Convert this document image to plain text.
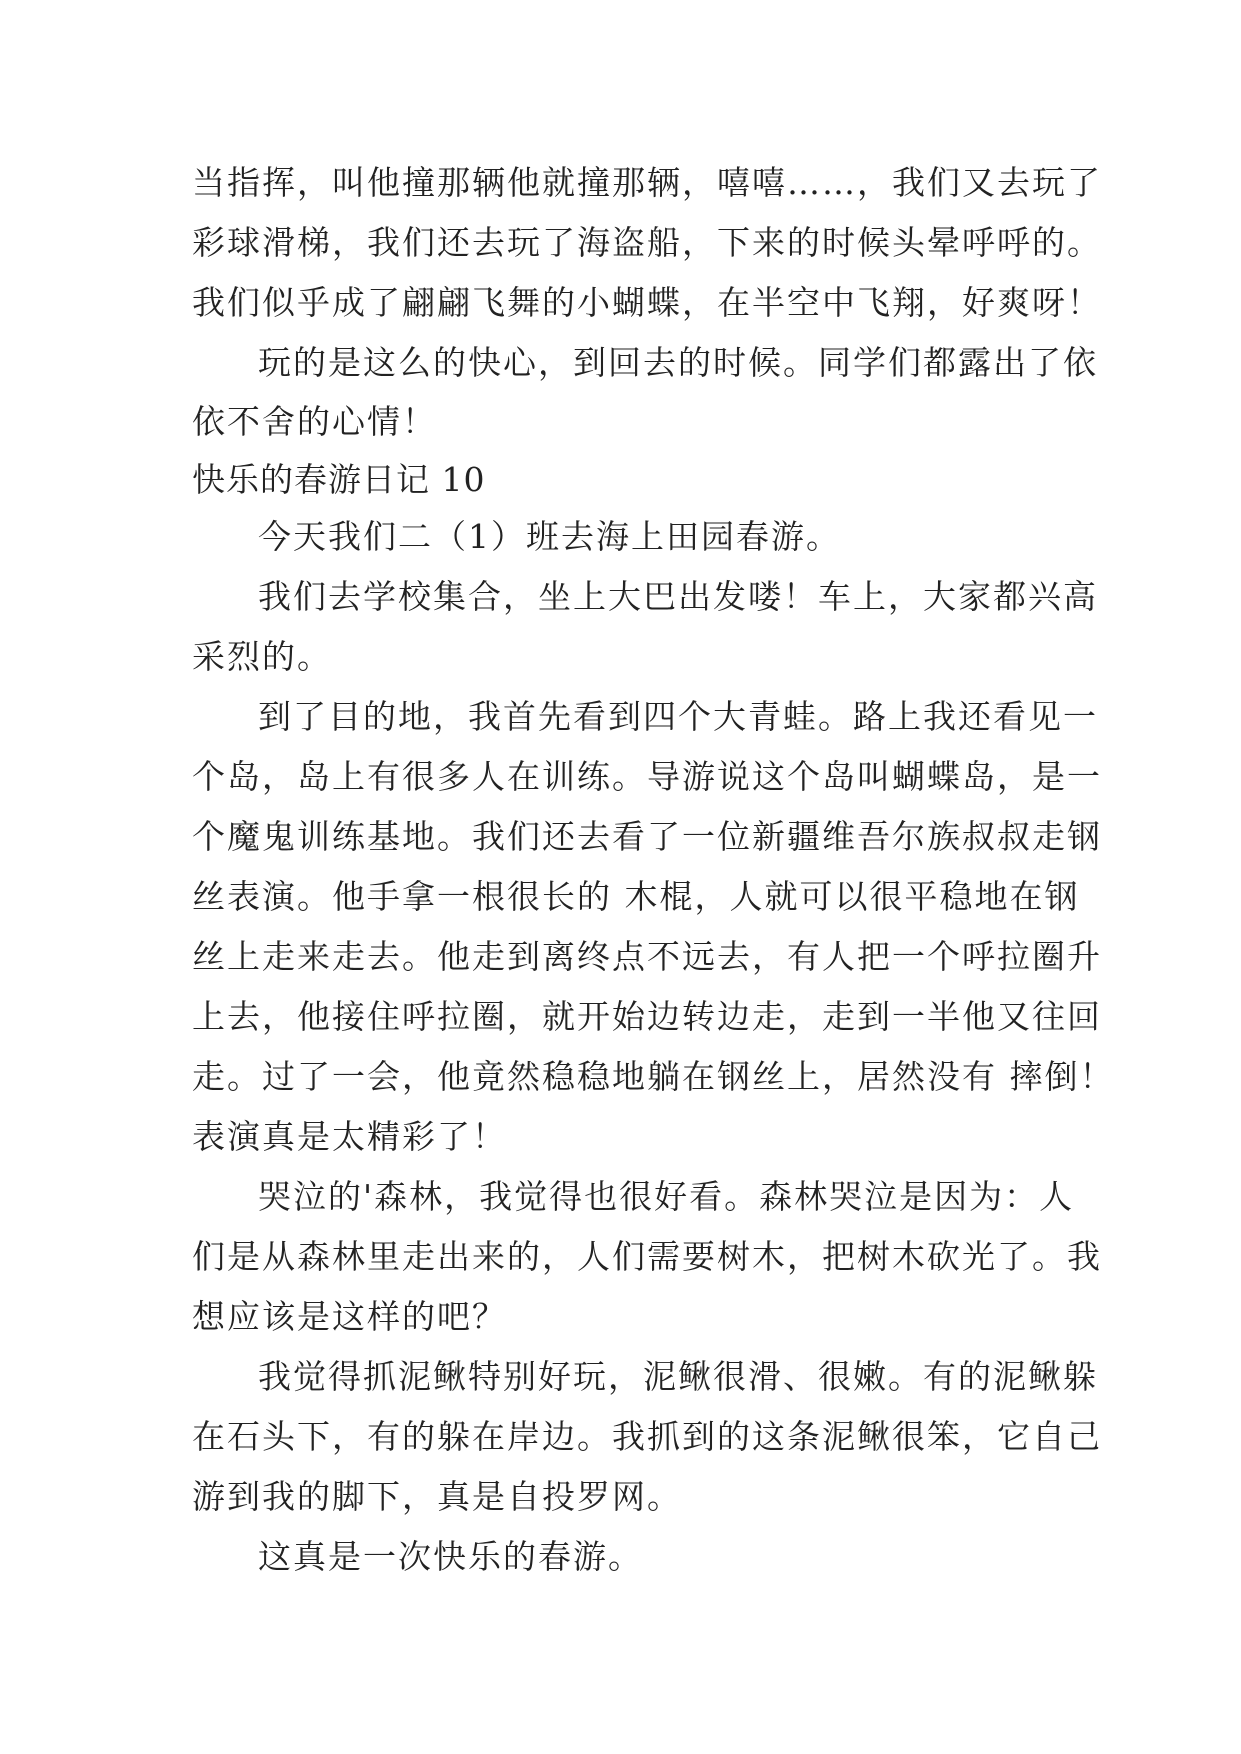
当指挥，叫他撞那辆他就撞那辆，嘻嘻……，我们又去玩了
彩球滑梯，我们还去玩了海盗船，下来的时候头晕呼呼的。
我们似乎成了翩翩飞舞的小蝴蝶，在半空中飞翔，好爽呀！
玩的是这么的快心，到回去的时候。同学们都露出了依
依不舍的心情！
快乐的春游日记 10
今天我们二（1）班去海上田园春游。
我们去学校集合，坐上大巴出发喽！车上，大家都兴高
采烈的。
到了目的地，我首先看到四个大青蛙。路上我还看见一
个岛，岛上有很多人在训练。导游说这个岛叫蝴蝶岛，是一
个魔鬼训练基地。我们还去看了一位新疆维吾尔族叔叔走钢
丝表演。他手拿一根很长的 木棍，人就可以很平稳地在钢
丝上走来走去。他走到离终点不远去，有人把一个呼拉圈升
上去，他接住呼拉圈，就开始边转边走，走到一半他又往回
走。过了一会，他竟然稳稳地躺在钢丝上，居然没有 摔倒！
表演真是太精彩了！
哭泣的'森林，我觉得也很好看。森林哭泣是因为：人
们是从森林里走出来的，人们需要树木，把树木砍光了。我
想应该是这样的吧？
我觉得抓泥鳅特别好玩，泥鳅很滑、很嫩。有的泥鳅躲
在石头下，有的躲在岸边。我抓到的这条泥鳅很笨，它自己
游到我的脚下，真是自投罗网。
这真是一次快乐的春游。
